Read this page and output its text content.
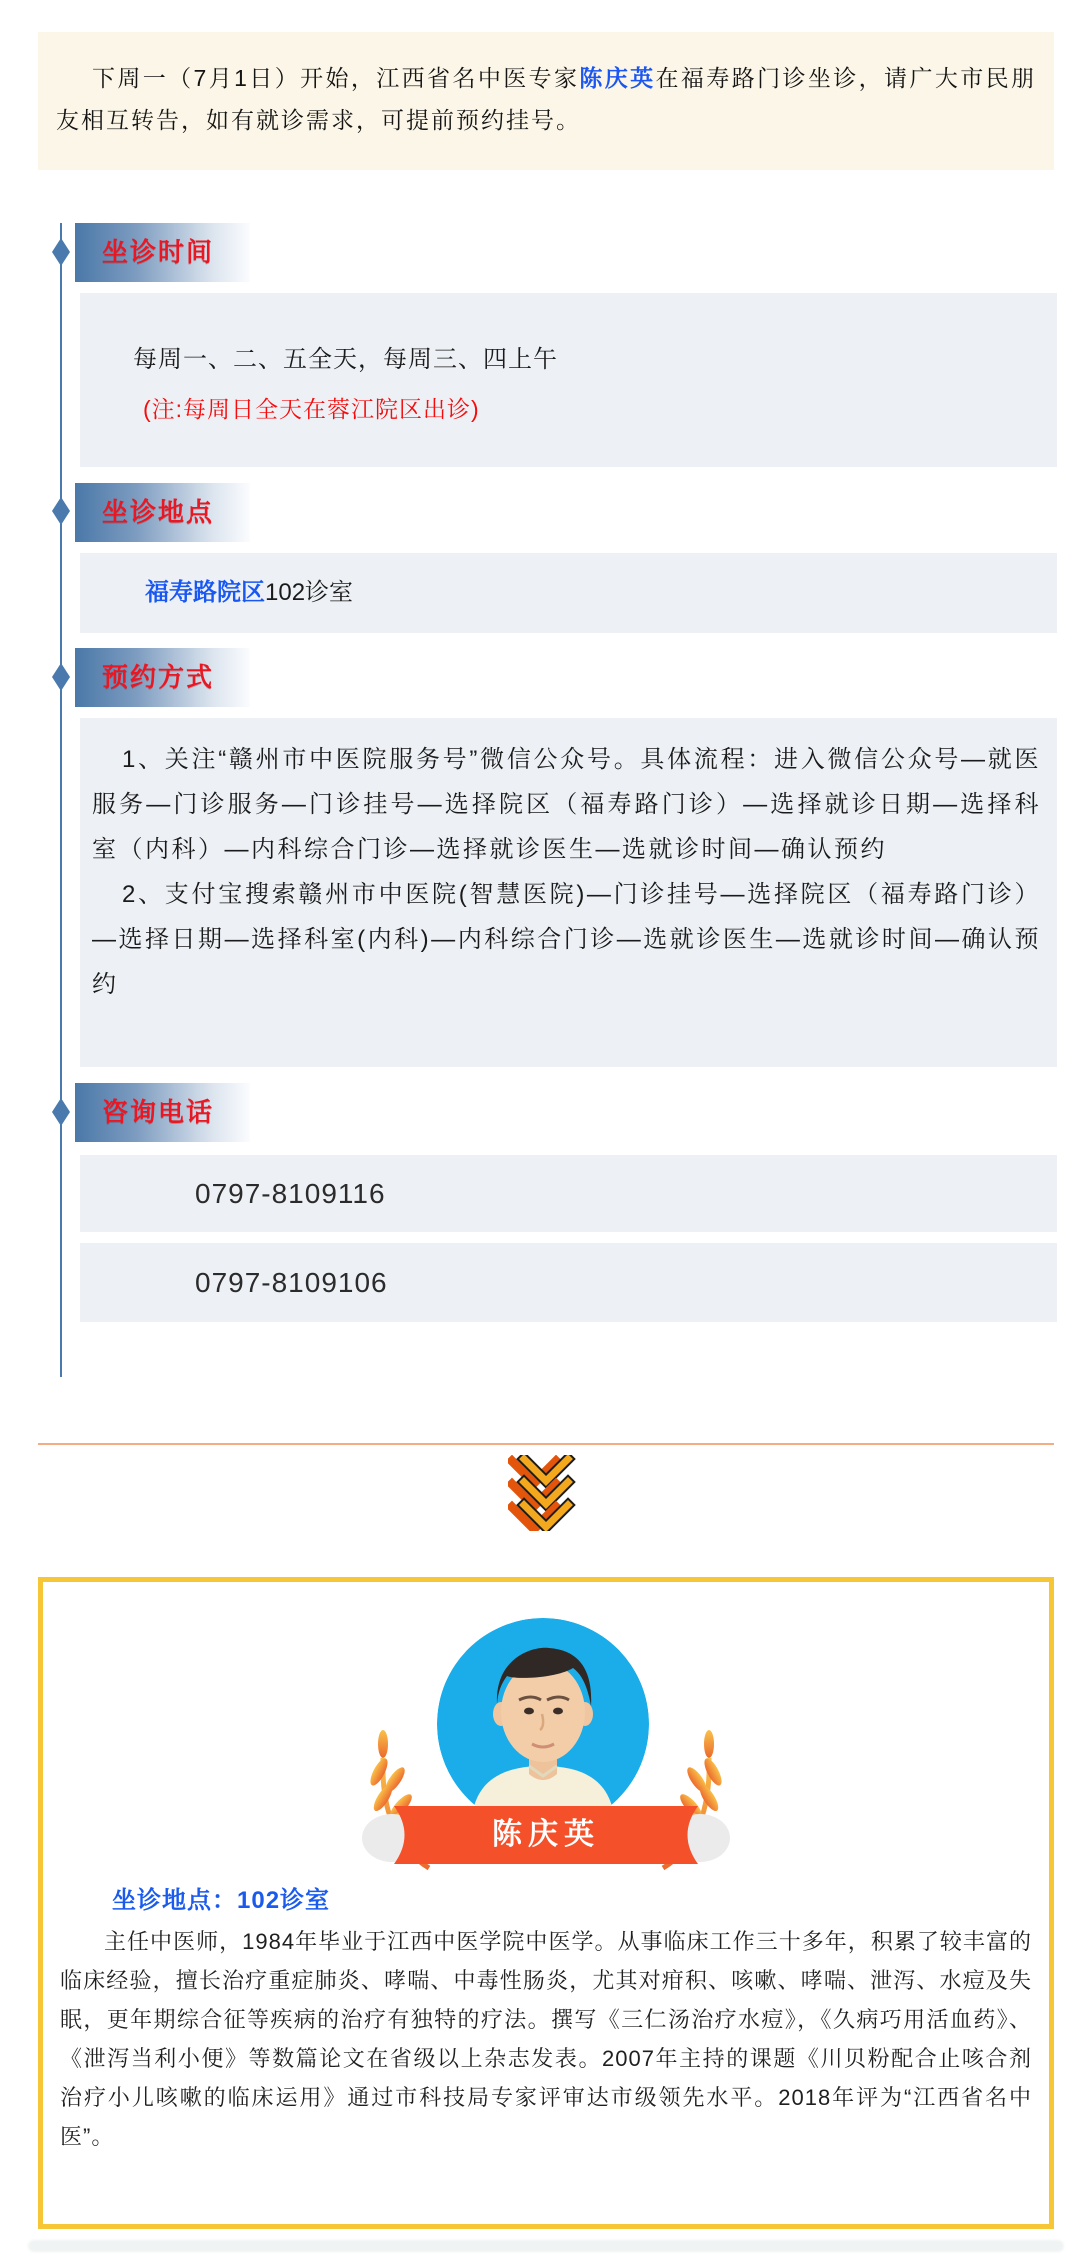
下周一（7月1日）开始，江西省名中医专家陈庆英在福寿路门诊坐诊，请广大市民朋友相互转告，如有就诊需求，可提前预约挂号。

坐诊时间
坐诊地点
预约方式
咨询电话

每周一、二、五全天，每周三、四上午

(注:每周日全天在蓉江院区出诊)

福寿路院区102诊室

1、关注“赣州市中医院服务号”微信公众号。具体流程：进入微信公众号—就医服务—门诊服务—门诊挂号—选择院区（福寿路门诊）—选择就诊日期—选择科室（内科）—内科综合门诊—选择就诊医生—选就诊时间—确认预约

2、支付宝搜索赣州市中医院(智慧医院)—门诊挂号—选择院区（福寿路门诊）—选择日期—选择科室(内科)—内科综合门诊—选就诊医生—选就诊时间—确认预约

0797-8109116
0797-8109106
陈庆英
坐诊地点：102诊室

主任中医师，1984年毕业于江西中医学院中医学。从事临床工作三十多年，积累了较丰富的临床经验，擅长治疗重症肺炎、哮喘、中毒性肠炎，尤其对疳积、咳嗽、哮喘、泄泻、水痘及失眠，更年期综合征等疾病的治疗有独特的疗法。撰写《三仁汤治疗水痘》，《久病巧用活血药》、《泄泻当利小便》等数篇论文在省级以上杂志发表。2007年主持的课题《川贝粉配合止咳合剂治疗小儿咳嗽的临床运用》通过市科技局专家评审达市级领先水平。2018年评为“江西省名中医”。
